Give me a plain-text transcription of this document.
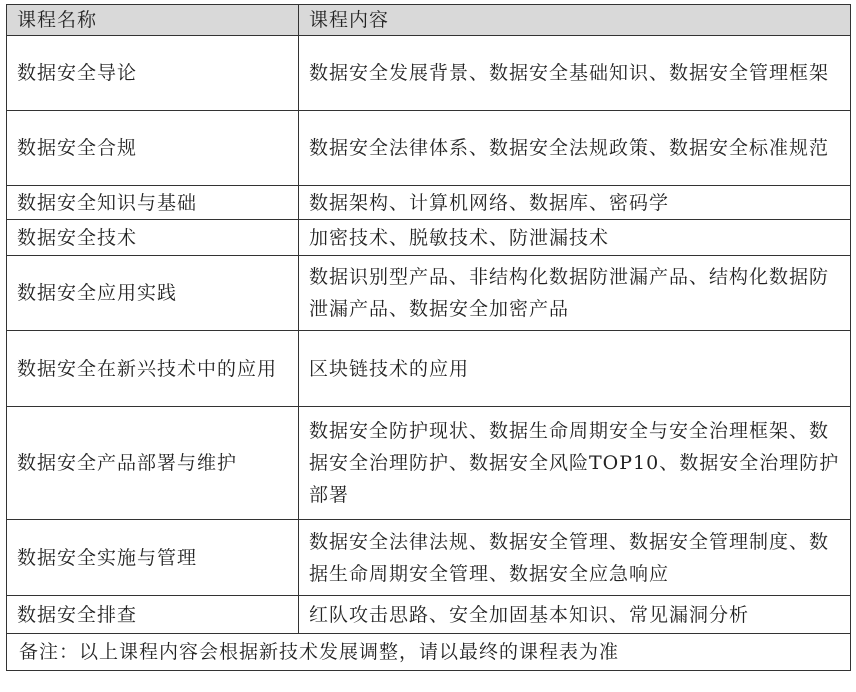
课程名称	课程内容
数据安全导论	数据安全发展背景、数据安全基础知识、数据安全管理框架
数据安全合规	数据安全法律体系、数据安全法规政策、数据安全标准规范
数据安全知识与基础	数据架构、计算机网络、数据库、密码学
数据安全技术	加密技术、脱敏技术、防泄漏技术
数据安全应用实践	数据识别型产品、非结构化数据防泄漏产品、结构化数据防泄漏产品、数据安全加密产品
数据安全在新兴技术中的应用	区块链技术的应用
数据安全产品部署与维护	数据安全防护现状、数据生命周期安全与安全治理框架、数据安全治理防护、数据安全风险TOP10、数据安全治理防护部署
数据安全实施与管理	数据安全法律法规、数据安全管理、数据安全管理制度、数据生命周期安全管理、数据安全应急响应
数据安全排查	红队攻击思路、安全加固基本知识、常见漏洞分析
备注：以上课程内容会根据新技术发展调整，请以最终的课程表为准	
